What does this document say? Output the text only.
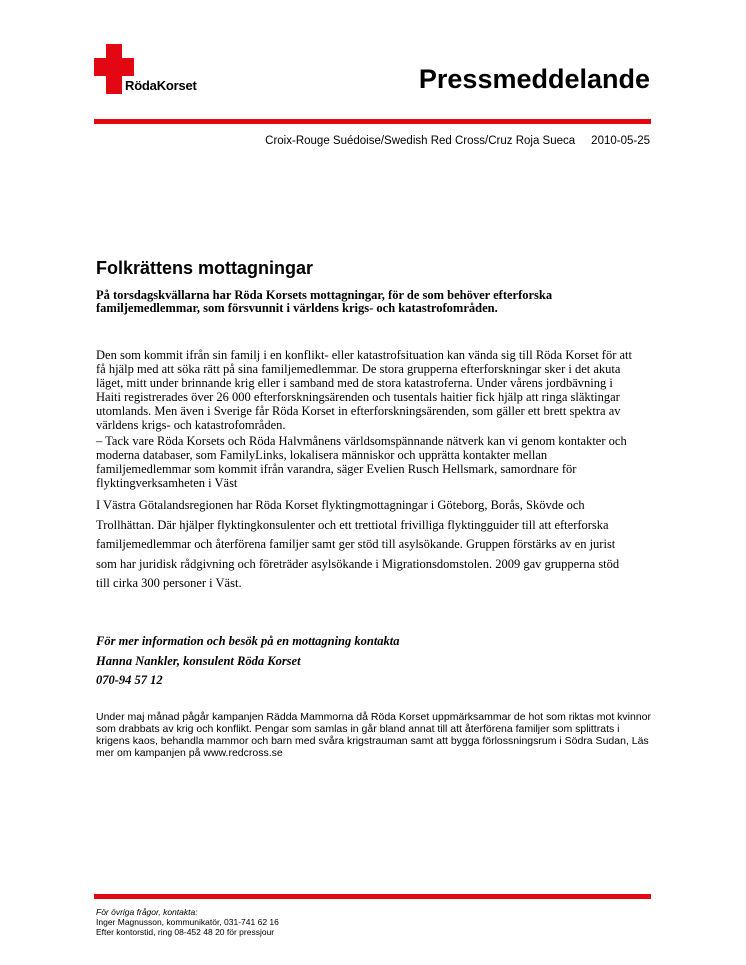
RödaKorset	Pressmeddelande
Croix-Rouge Suédoise/Swedish Red Cross/Cruz Roja Sueca 2010-05-25
Folkrättens mottagningar
På torsdagskvällarna har Röda Korsets mottagningar, för de som behöver efterforska familjemedlemmar, som försvunnit i världens krigs- och katastrofområden.

Den som kommit ifrån sin familj i en konflikt- eller katastrofsituation kan vända sig till Röda Korset för att få hjälp med att söka rätt på sina familjemedlemmar. De stora grupperna efterforskningar sker i det akuta läget, mitt under brinnande krig eller i samband med de stora katastroferna. Under vårens jordbävning i Haiti registrerades över 26 000 efterforskningsärenden och tusentals haitier fick hjälp att ringa släktingar utomlands. Men även i Sverige får Röda Korset in efterforskningsärenden, som gäller ett brett spektra av världens krigs- och katastrofområden.

– Tack vare Röda Korsets och Röda Halvmånens världsomspännande nätverk kan vi genom kontakter och moderna databaser, som FamilyLinks, lokalisera människor och upprätta kontakter mellan familjemedlemmar som kommit ifrån varandra, säger Evelien Rusch Hellsmark, samordnare för flyktingverksamheten i Väst

I Västra Götalandsregionen har Röda Korset flyktingmottagningar i Göteborg, Borås, Skövde och Trollhättan. Där hjälper flyktingkonsulenter och ett trettiotal frivilliga flyktingguider till att efterforska familjemedlemmar och återförena familjer samt ger stöd till asylsökande. Gruppen förstärks av en jurist som har juridisk rådgivning och företräder asylsökande i Migrationsdomstolen. 2009 gav grupperna stöd till cirka 300 personer i Väst.

För mer information och besök på en mottagning kontakta
Hanna Nankler, konsulent Röda Korset
070-94 57 12
Under maj månad pågår kampanjen Rädda Mammorna då Röda Korset uppmärksammar de hot som riktas mot kvinnor som drabbats av krig och konflikt. Pengar som samlas in går bland annat till att återförena familjer som splittrats i krigens kaos, behandla mammor och barn med svåra krigstrauman samt att bygga förlossningsrum i Södra Sudan, Läs mer om kampanjen på www.redcross.se
För övriga frågor, kontakta:
Inger Magnusson, kommunikatör, 031-741 62 16
Efter kontorstid, ring 08-452 48 20 för pressjour
